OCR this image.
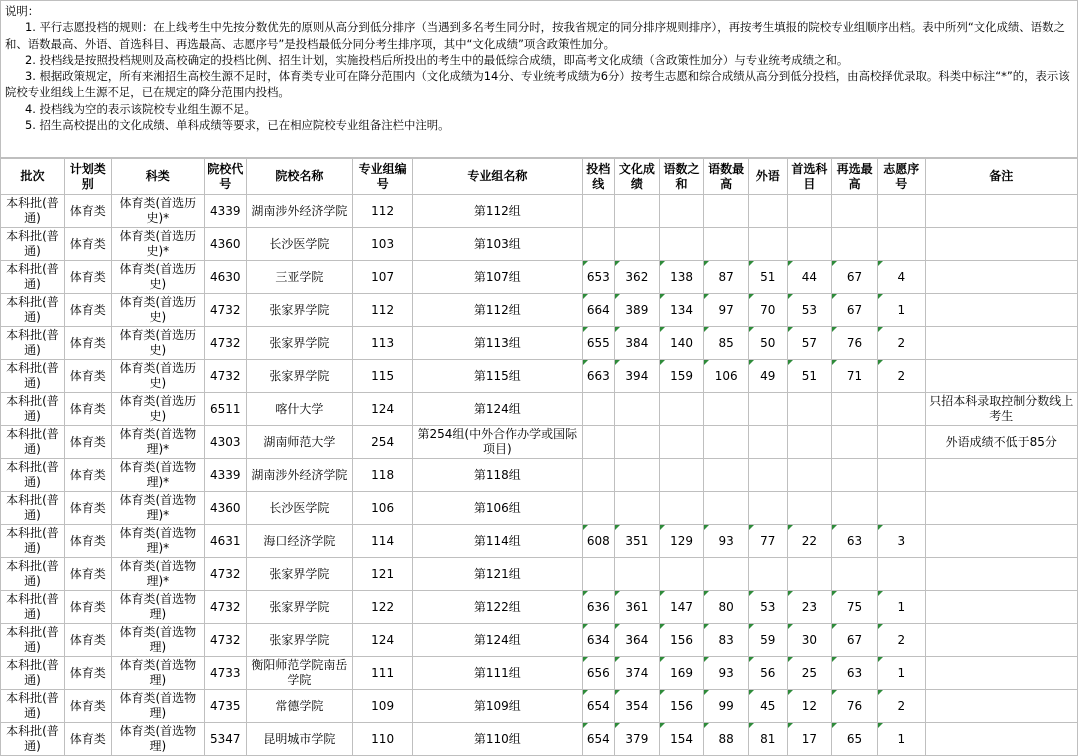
说明：

1. 平行志愿投档的规则：在上线考生中先按分数优先的原则从高分到低分排序（当遇到多名考生同分时，按我省规定的同分排序规则排序），再按考生填报的院校专业组顺序出档。表中所列“文化成绩、语数之和、语数最高、外语、首选科目、再选最高、志愿序号”是投档最低分同分考生排序项，其中“文化成绩”项含政策性加分。

2. 投档线是按照投档规则及高校确定的投档比例、招生计划，实施投档后所投出的考生中的最低综合成绩，即高考文化成绩（含政策性加分）与专业统考成绩之和。

3. 根据政策规定，所有来湘招生高校生源不足时，体育类专业可在降分范围内（文化成绩为14分、专业统考成绩为6分）按考生志愿和综合成绩从高分到低分投档，由高校择优录取。科类中标注“*”的，表示该院校专业组线上生源不足，已在规定的降分范围内投档。

4. 投档线为空的表示该院校专业组生源不足。

5. 招生高校提出的文化成绩、单科成绩等要求，已在相应院校专业组备注栏中注明。

批次	计划类别	科类	院校代号	院校名称	专业组编号	专业组名称	投档线	文化成绩	语数之和	语数最高	外语	首选科目	再选最高	志愿序号	备注
本科批(普通)	体育类	体育类(首选历史)*	4339	湖南涉外经济学院	112	第112组									
本科批(普通)	体育类	体育类(首选历史)*	4360	长沙医学院	103	第103组									
本科批(普通)	体育类	体育类(首选历史)	4630	三亚学院	107	第107组	653	362	138	87	51	44	67	4	
本科批(普通)	体育类	体育类(首选历史)	4732	张家界学院	112	第112组	664	389	134	97	70	53	67	1	
本科批(普通)	体育类	体育类(首选历史)	4732	张家界学院	113	第113组	655	384	140	85	50	57	76	2	
本科批(普通)	体育类	体育类(首选历史)	4732	张家界学院	115	第115组	663	394	159	106	49	51	71	2	
本科批(普通)	体育类	体育类(首选历史)	6511	喀什大学	124	第124组									只招本科录取控制分数线上考生
本科批(普通)	体育类	体育类(首选物理)*	4303	湖南师范大学	254	第254组(中外合作办学或国际项目)									外语成绩不低于85分
本科批(普通)	体育类	体育类(首选物理)*	4339	湖南涉外经济学院	118	第118组									
本科批(普通)	体育类	体育类(首选物理)*	4360	长沙医学院	106	第106组									
本科批(普通)	体育类	体育类(首选物理)*	4631	海口经济学院	114	第114组	608	351	129	93	77	22	63	3	
本科批(普通)	体育类	体育类(首选物理)*	4732	张家界学院	121	第121组									
本科批(普通)	体育类	体育类(首选物理)	4732	张家界学院	122	第122组	636	361	147	80	53	23	75	1	
本科批(普通)	体育类	体育类(首选物理)	4732	张家界学院	124	第124组	634	364	156	83	59	30	67	2	
本科批(普通)	体育类	体育类(首选物理)	4733	衡阳师范学院南岳学院	111	第111组	656	374	169	93	56	25	63	1	
本科批(普通)	体育类	体育类(首选物理)	4735	常德学院	109	第109组	654	354	156	99	45	12	76	2	
本科批(普通)	体育类	体育类(首选物理)	5347	昆明城市学院	110	第110组	654	379	154	88	81	17	65	1	
